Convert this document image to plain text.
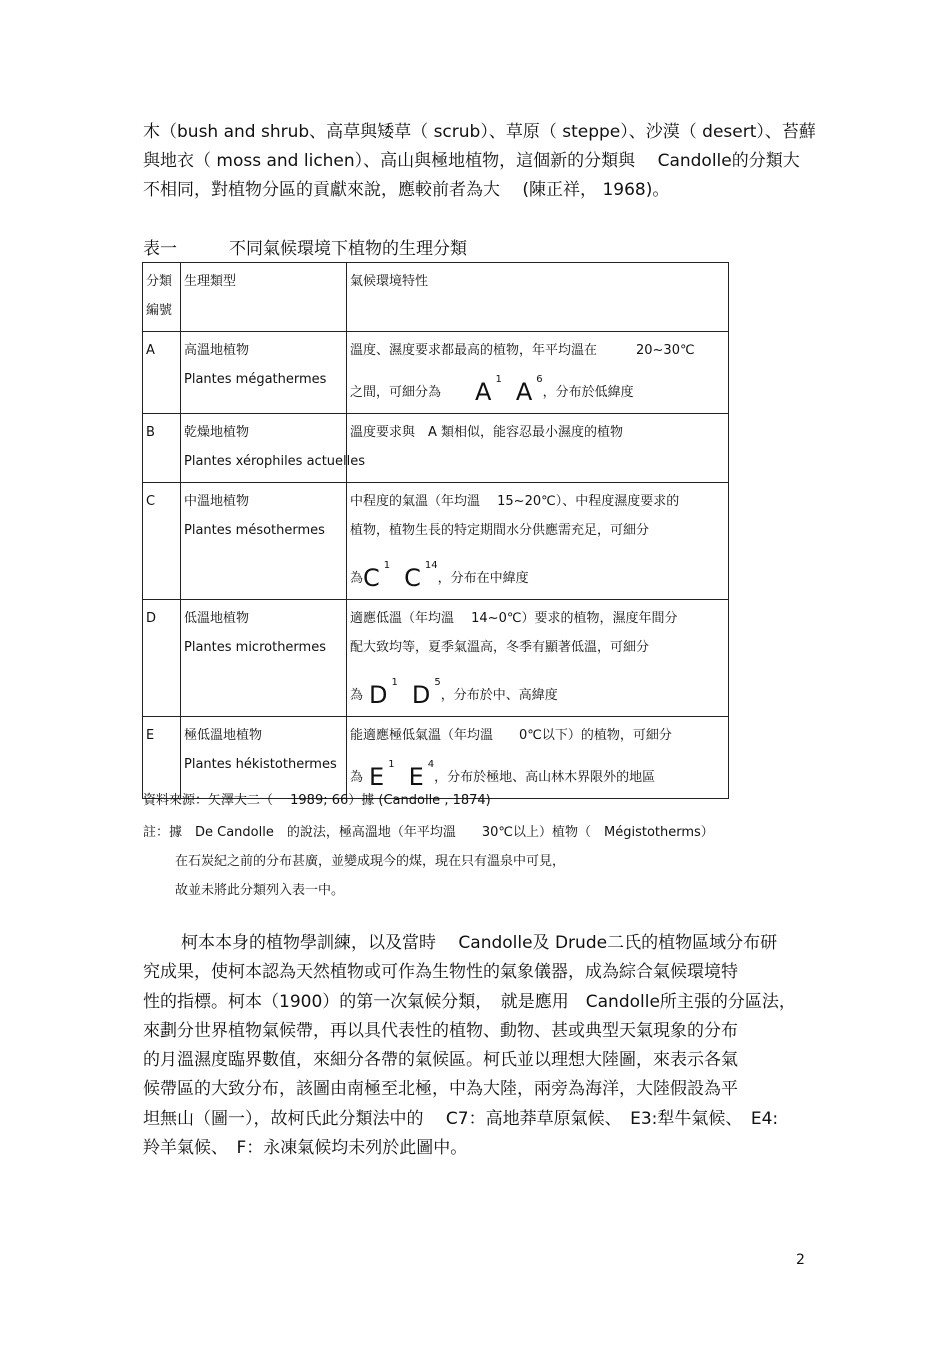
木（bush and shrub、高草與矮草（ scrub）、草原（ steppe）、沙漠（ desert）、苔蘚

與地衣（ moss and lichen）、高山與極地植物，這個新的分類與　 Candolle的分類大

不相同，對植物分區的貢獻來說，應較前者為大　 (陳正祥， 1968)。

表一	不同氣候環境下植物的生理分類
分類
編號	生理類型	氣候環境特性
A	高溫地植物
Plantes mégathermes	溫度、濕度要求都最高的植物，年平均溫在　　　20~30℃
之間，可細分為 A $^1$ A $^6$，分布於低緯度

B	乾燥地植物
Plantes xérophiles actuelles	溫度要求與　A 類相似，能容忍最小濕度的植物

C	中溫地植物
Plantes mésothermes	中程度的氣溫（年均溫　 15~20℃）、中程度濕度要求的
植物，植物生長的特定期間水分供應需充足，可細分
為C $^1$ C $^{14}$，分布在中緯度

D	低溫地植物
Plantes microthermes	適應低溫（年均溫　 14~0℃）要求的植物，濕度年間分
配大致均等，夏季氣溫高，冬季有顯著低溫，可細分
為 D $^1$ D $^5$，分布於中、高緯度

E	極低溫地植物
Plantes hékistothermes	能適應極低氣溫（年均溫　　0℃以下）的植物，可細分
為 E $^1$ E $^4$，分布於極地、高山林木界限外的地區
資料來源：矢澤大二（　 1989; 66）據 (Candolle , 1874)

註：據　De Candolle　的說法，極高溫地（年平均溫　　30℃以上）植物（　Mégistotherms）

在石炭紀之前的分布甚廣，並變成現今的煤，現在只有溫泉中可見，

故並未將此分類列入表一中。

柯本本身的植物學訓練，以及當時　 Candolle及 Drude二氏的植物區域分布研

究成果，使柯本認為天然植物或可作為生物性的氣象儀器，成為綜合氣候環境特

性的指標。柯本（1900）的第一次氣候分類，　就是應用　Candolle所主張的分區法，

來劃分世界植物氣候帶，再以具代表性的植物、動物、甚或典型天氣現象的分布

的月溫濕度臨界數值，來細分各帶的氣候區。柯氏並以理想大陸圖，來表示各氣

候帶區的大致分布，該圖由南極至北極，中為大陸，兩旁為海洋，大陸假設為平

坦無山（圖一），故柯氏此分類法中的　 C7：高地莽草原氣候、　E3:犁牛氣候、　E4:

羚羊氣候、　F：永凍氣候均未列於此圖中。

2
